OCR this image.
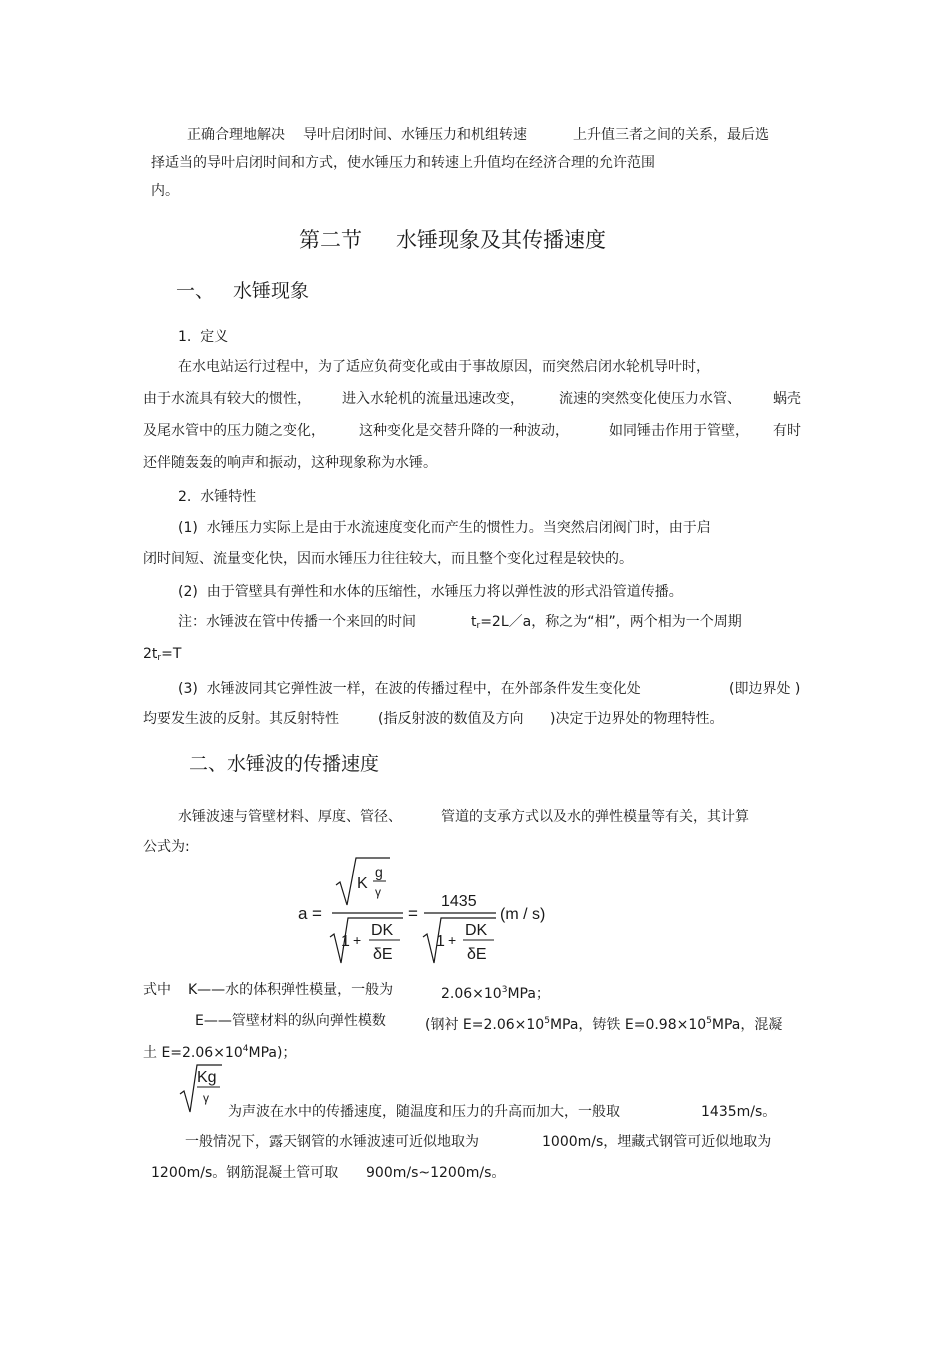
正确合理地解决 导叶启闭时间、水锤压力和机组转速	上升值三者之间的关系，最后选
择适当的导叶启闭时间和方式，使水锤压力和转速上升值均在经济合理的允许范围
内。
第二节 水锤现象及其传播速度
一、 水锤现象
1.  定义
在水电站运行过程中，为了适应负荷变化或由于事故原因，而突然启闭水轮机导叶时，
由于水流具有较大的惯性， 进入水轮机的流量迅速改变，	流速的突然变化使压力水管、 蜗壳
及尾水管中的压力随之变化， 这种变化是交替升降的一种波动，	如同锤击作用于管壁， 有时
还伴随轰轰的响声和振动，这种现象称为水锤。
2.  水锤特性
(1)  水锤压力实际上是由于水流速度变化而产生的惯性力。当突然启闭阀门时，由于启
闭时间短、流量变化快，因而水锤压力往往较大，而且整个变化过程是较快的。
(2)  由于管壁具有弹性和水体的压缩性，水锤压力将以弹性波的形式沿管道传播。
注：水锤波在管中传播一个来回的时间	$t_r=2L/a$，称之为“相”，两个相为一个周期
$2t_r=T$
(3)  水锤波同其它弹性波一样，在波的传播过程中，在外部条件发生变化处	(即边界处 )
均要发生波的反射。其反射特性	(指反射波的数值及方向 )决定于边界处的物理特性。
二、水锤波的传播速度
水锤波速与管壁材料、厚度、管径、	管道的支承方式以及水的弹性模量等有关，其计算
公式为:
a =
K
g
γ
1 +
DK
δE
=
1435
1 +
DK
δE
(m / s)
式中 K——水的体积弹性模量，一般为	$2.06\times 10^3MPa$；
E——管壁材料的纵向弹性模数	(钢衬 $E=2.06\times 10^5MPa$，铸铁 $E=0.98\times 10^5MPa$，混凝
土 $E=2.06\times 10^4MPa$)；
Kg
γ
为声波在水中的传播速度，随温度和压力的升高而加大，一般取	1435m/s。
一般情况下，露天钢管的水锤波速可近似地取为	1000m/s，埋藏式钢管可近似地取为
1200m/s。钢筋混凝土管可取 900m/s~1200m/s。
